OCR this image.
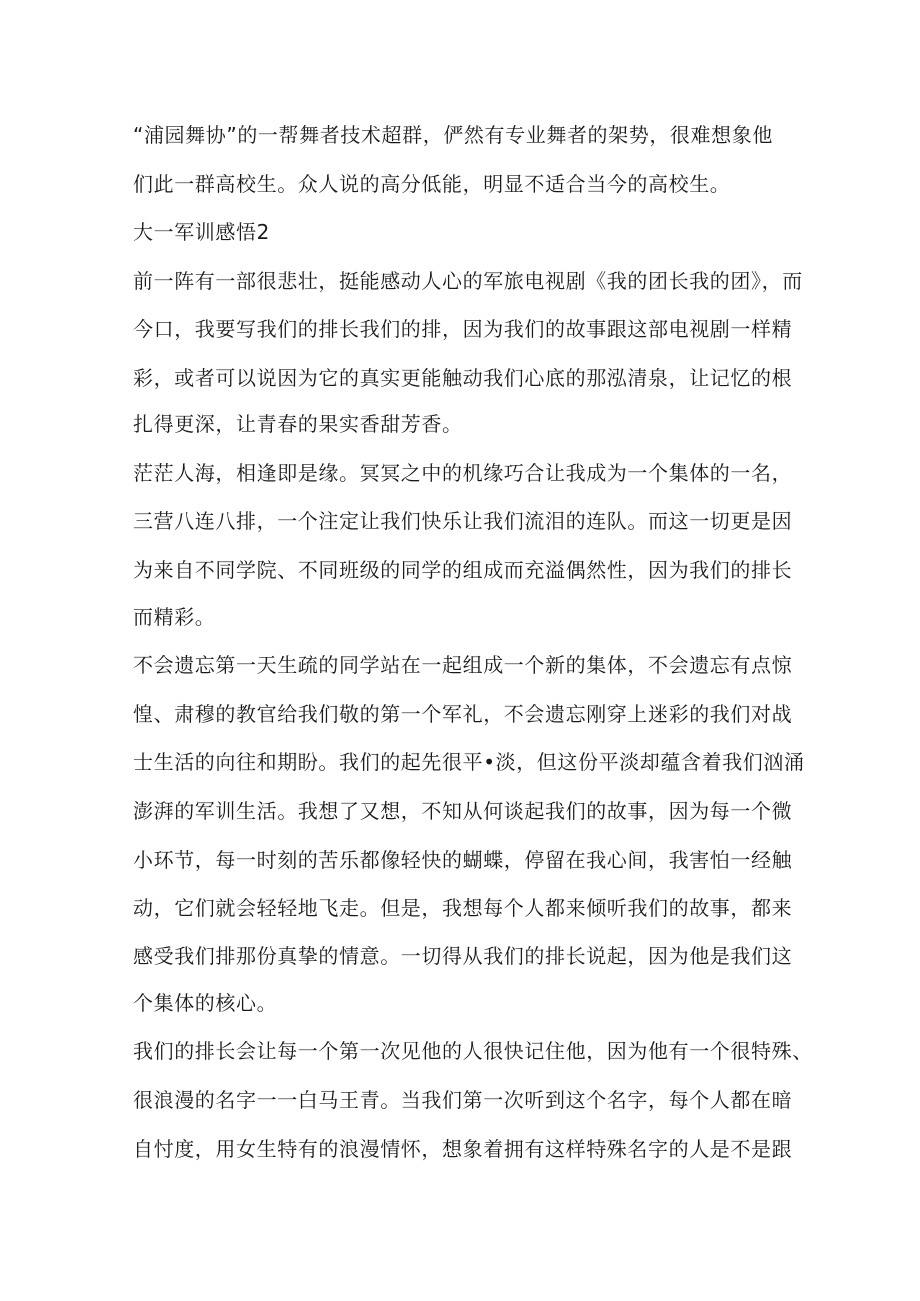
“浦园舞协”的一帮舞者技术超群，俨然有专业舞者的架势，很难想象他
们此一群高校生。众人说的高分低能，明显不适合当今的高校生。
大一军训感悟2
前一阵有一部很悲壮，挺能感动人心的军旅电视剧《我的团长我的团》，而
今口，我要写我们的排长我们的排，因为我们的故事跟这部电视剧一样精
彩，或者可以说因为它的真实更能触动我们心底的那泓清泉，让记忆的根
扎得更深，让青春的果实香甜芳香。
茫茫人海，相逢即是缘。冥冥之中的机缘巧合让我成为一个集体的一名，
三营八连八排，一个注定让我们快乐让我们流泪的连队。而这一切更是因
为来自不同学院、不同班级的同学的组成而充溢偶然性，因为我们的排长
而精彩。
不会遗忘第一天生疏的同学站在一起组成一个新的集体，不会遗忘有点惊
惶、肃穆的教官给我们敬的第一个军礼，不会遗忘刚穿上迷彩的我们对战
士生活的向往和期盼。我们的起先很平•淡，但这份平淡却蕴含着我们汹涌
澎湃的军训生活。我想了又想，不知从何谈起我们的故事，因为每一个微
小环节，每一时刻的苦乐都像轻快的蝴蝶，停留在我心间，我害怕一经触
动，它们就会轻轻地飞走。但是，我想每个人都来倾听我们的故事，都来
感受我们排那份真挚的情意。一切得从我们的排长说起，因为他是我们这
个集体的核心。
我们的排长会让每一个第一次见他的人很快记住他，因为他有一个很特殊、
很浪漫的名字一一白马王青。当我们第一次听到这个名字，每个人都在暗
自忖度，用女生特有的浪漫情怀，想象着拥有这样特殊名字的人是不是跟
